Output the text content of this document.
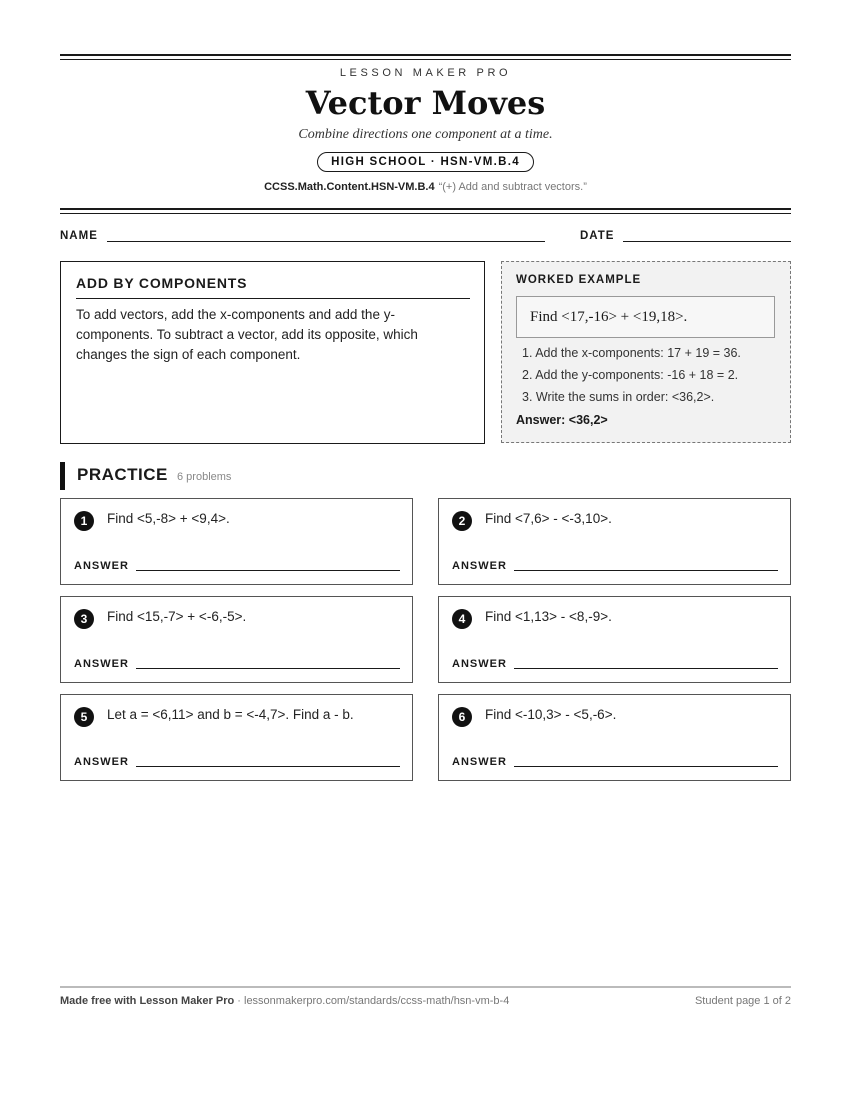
LESSON MAKER PRO
Vector Moves
Combine directions one component at a time.
HIGH SCHOOL · HSN-VM.B.4
CCSS.Math.Content.HSN-VM.B.4 “(+) Add and subtract vectors.”
NAME	DATE
ADD BY COMPONENTS
To add vectors, add the x-components and add the y-components. To subtract a vector, add its opposite, which changes the sign of each component.
WORKED EXAMPLE
Find <17,-16> + <19,18>.
1. Add the x-components: 17 + 19 = 36.
2. Add the y-components: -16 + 18 = 2.
3. Write the sums in order: <36,2>.
Answer: <36,2>
PRACTICE 6 problems
1	Find <5,-8> + <9,4>.
ANSWER
2	Find <7,6> - <-3,10>.
ANSWER
3	Find <15,-7> + <-6,-5>.
ANSWER
4	Find <1,13> - <8,-9>.
ANSWER
5	Let a = <6,11> and b = <-4,7>. Find a - b.
ANSWER
6	Find <-10,3> - <5,-6>.
ANSWER
Made free with Lesson Maker Pro · lessonmakerpro.com/standards/ccss-math/hsn-vm-b-4	Student page 1 of 2
